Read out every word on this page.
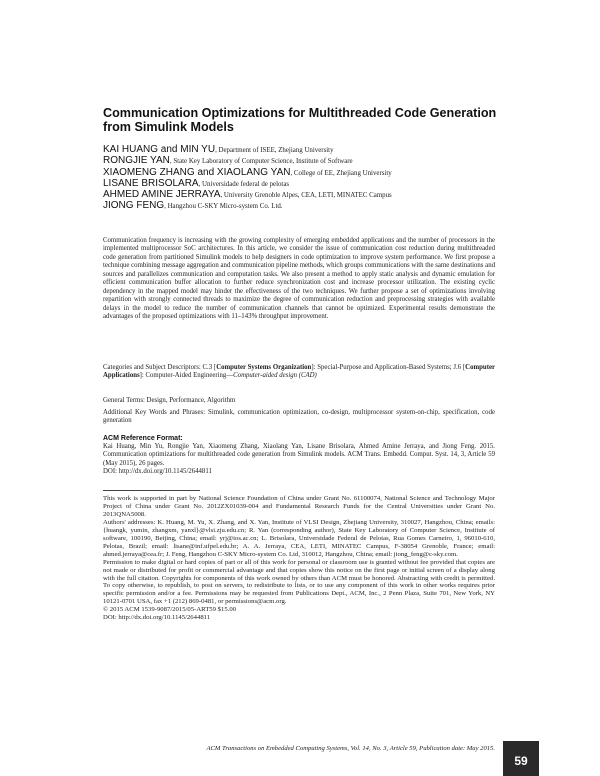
Communication Optimizations for Multithreaded Code Generation from Simulink Models
KAI HUANG and MIN YU, Department of ISEE, Zhejiang University
RONGJIE YAN, State Key Laboratory of Computer Science, Institute of Software
XIAOMENG ZHANG and XIAOLANG YAN, College of EE, Zhejiang University
LISANE BRISOLARA, Universidade federal de pelotas
AHMED AMINE JERRAYA, University Grenoble Alpes, CEA, LETI, MINATEC Campus
JIONG FENG, Hangzhou C-SKY Micro-system Co. Ltd.
Communication frequency is increasing with the growing complexity of emerging embedded applications and the number of processors in the implemented multiprocessor SoC architectures. In this article, we consider the issue of communication cost reduction during multithreaded code generation from partitioned Simulink models to help designers in code optimization to improve system performance. We first propose a technique combining message aggregation and communication pipeline methods, which groups communications with the same destinations and sources and parallelizes communication and computation tasks. We also present a method to apply static analysis and dynamic emulation for efficient communication buffer allocation to further reduce synchronization cost and increase processor utilization. The existing cyclic dependency in the mapped model may hinder the effectiveness of the two techniques. We further propose a set of optimizations involving repartition with strongly connected threads to maximize the degree of communication reduction and preprocessing strategies with available delays in the model to reduce the number of communication channels that cannot be optimized. Experimental results demonstrate the advantages of the proposed optimizations with 11–143% throughput improvement.
Categories and Subject Descriptors: C.3 [Computer Systems Organization]: Special-Purpose and Application-Based Systems; J.6 [Computer Applications]: Computer-Aided Engineering—Computer-aided design (CAD)
General Terms: Design, Performance, Algorithm
Additional Key Words and Phrases: Simulink, communication optimization, co-design, multiprocessor system-on-chip, specification, code generation
ACM Reference Format:
Kai Huang, Min Yu, Rongjie Yan, Xiaomeng Zhang, Xiaolang Yan, Lisane Brisolara, Ahmed Amine Jerraya, and Jiong Feng. 2015. Communication optimizations for multithreaded code generation from Simulink models. ACM Trans. Embedd. Comput. Syst. 14, 3, Article 59 (May 2015), 26 pages.
DOI: http://dx.doi.org/10.1145/2644811
This work is supported in part by National Science Foundation of China under Grant No. 61100074, National Science and Technology Major Project of China under Grant No. 2012ZX01039-004 and Fundamental Research Funds for the Central Universities under Grant No. 2013QNA5008.
Authors' addresses: K. Huang, M. Yu, X. Zhang, and X. Yan, Institute of VLSI Design, Zhejiang University, 310027, Hangzhou, China; emails: {huangk, yumin, zhangxm, yanxl}@vlsi.zju.edu.cn; R. Yan (corresponding author), State Key Laboratory of Computer Science, Institute of software, 100190, Beijing, China; email: yrj@ios.ac.cn; L. Brisolara, Universidade Federal de Pelotas, Rua Gomes Carneiro, 1, 96010-610, Pelotas, Brazil; email: lisane@inf.ufpel.edu.br; A. A. Jerraya, CEA, LETI, MINATEC Campus, F-38054 Grenoble, France; email: ahmed.jerraya@cea.fr; J. Feng, Hangzhou C-SKY Micro-system Co. Ltd, 310012, Hangzhou, China; email: jiong_feng@c-sky.com.
Permission to make digital or hard copies of part or all of this work for personal or classroom use is granted without fee provided that copies are not made or distributed for profit or commercial advantage and that copies show this notice on the first page or initial screen of a display along with the full citation. Copyrights for components of this work owned by others than ACM must be honored. Abstracting with credit is permitted. To copy otherwise, to republish, to post on servers, to redistribute to lists, or to use any component of this work in other works requires prior specific permission and/or a fee. Permissions may be requested from Publications Dept., ACM, Inc., 2 Penn Plaza, Suite 701, New York, NY 10121-0701 USA, fax +1 (212) 869-0481, or permissions@acm.org.
© 2015 ACM 1539-9087/2015/05-ART59 $15.00
DOI: http://dx.doi.org/10.1145/2644811
ACM Transactions on Embedded Computing Systems, Vol. 14, No. 3, Article 59, Publication date: May 2015.
59
